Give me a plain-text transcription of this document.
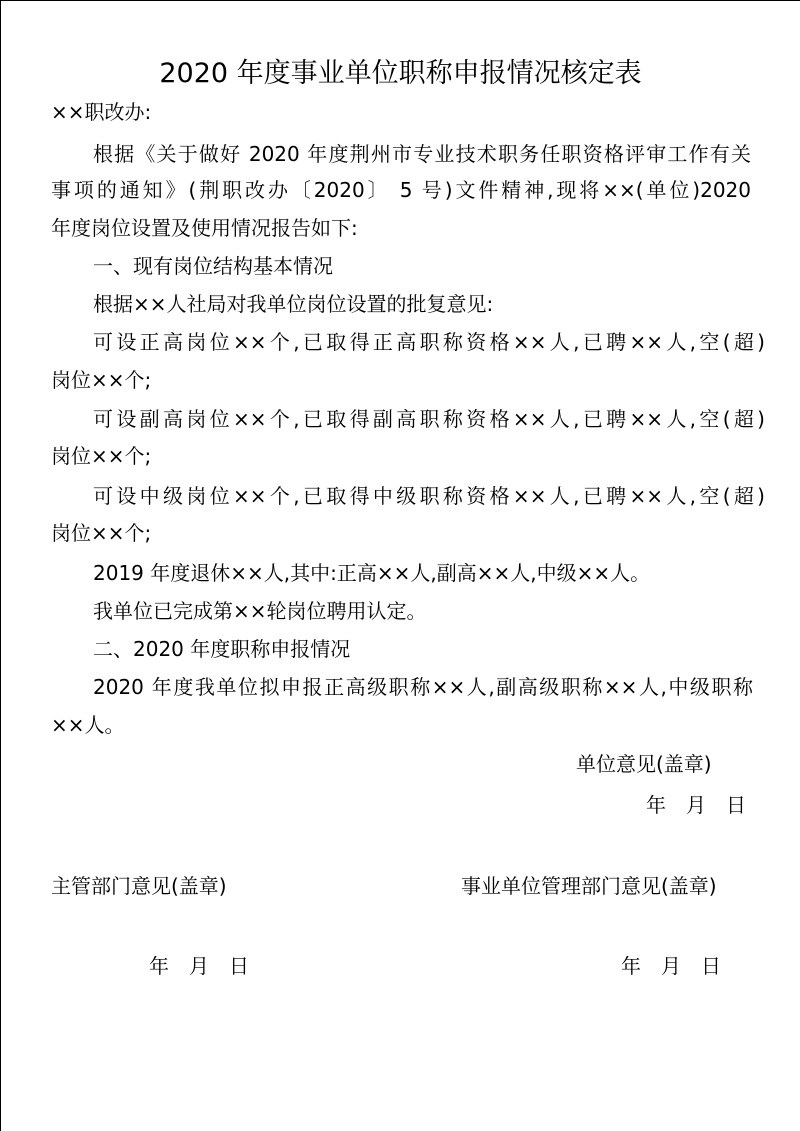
2020 年度事业单位职称申报情况核定表
××职改办:
根据《关于做好 2020 年度荆州市专业技术职务任职资格评审工作有关
事项的通知》(荆职改办〔2020〕 5 号)文件精神,现将××(单位)2020
年度岗位设置及使用情况报告如下:
一、现有岗位结构基本情况
根据××人社局对我单位岗位设置的批复意见:
可设正高岗位××个,已取得正高职称资格××人,已聘××人,空(超)
岗位××个;
可设副高岗位××个,已取得副高职称资格××人,已聘××人,空(超)
岗位××个;
可设中级岗位××个,已取得中级职称资格××人,已聘××人,空(超)
岗位××个;
2019 年度退休××人,其中:正高××人,副高××人,中级××人。
我单位已完成第××轮岗位聘用认定。
二、2020 年度职称申报情况
2020 年度我单位拟申报正高级职称××人,副高级职称××人,中级职称
××人。
单位意见(盖章)
年　月　日
主管部门意见(盖章)	事业单位管理部门意见(盖章)
年　月　日	年　月　日
